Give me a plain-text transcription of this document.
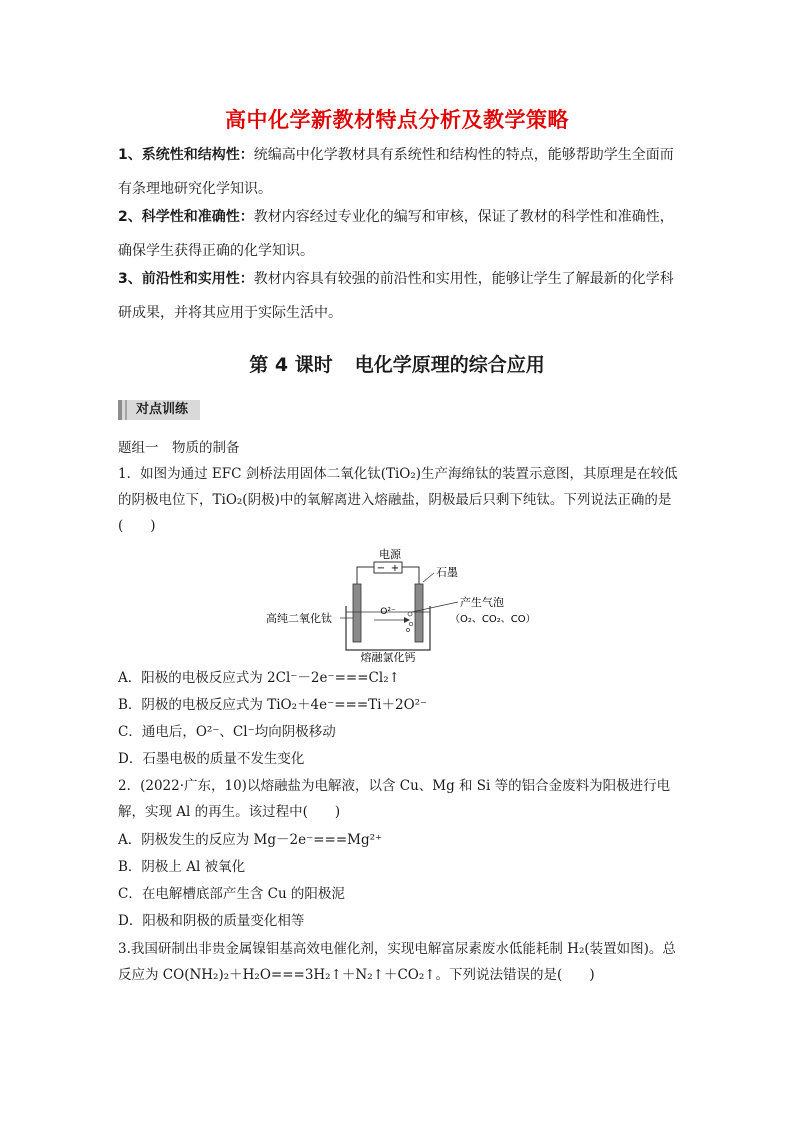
高中化学新教材特点分析及教学策略
1、系统性和结构性：统编高中化学教材具有系统性和结构性的特点，能够帮助学生全面而有条理地研究化学知识。
2、科学性和准确性：教材内容经过专业化的编写和审核，保证了教材的科学性和准确性，确保学生获得正确的化学知识。
3、前沿性和实用性：教材内容具有较强的前沿性和实用性，能够让学生了解最新的化学科研成果，并将其应用于实际生活中。
第 4 课时 电化学原理的综合应用
对点训练
题组一　物质的制备
1．如图为通过 EFC 剑桥法用固体二氧化钛(TiO₂)生产海绵钛的装置示意图，其原理是在较低的阴极电位下，TiO₂(阴极)中的氧解离进入熔融盐，阴极最后只剩下纯钛。下列说法正确的是(　　)
电源
− +
O²⁻
石墨
产生气泡
（O₂、CO₂、CO）
高纯二氧化钛
熔融氯化钙
A．阳极的电极反应式为 2Cl⁻－2e⁻===Cl₂↑
B．阴极的电极反应式为 TiO₂＋4e⁻===Ti＋2O²⁻
C．通电后，O²⁻、Cl⁻均向阴极移动
D．石墨电极的质量不发生变化
2．(2022·广东，10)以熔融盐为电解液，以含 Cu、Mg 和 Si 等的铝合金废料为阳极进行电解，实现 Al 的再生。该过程中(　　)
A．阴极发生的反应为 Mg－2e⁻===Mg²⁺
B．阴极上 Al 被氧化
C．在电解槽底部产生含 Cu 的阳极泥
D．阳极和阴极的质量变化相等
3.我国研制出非贵金属镍钼基高效电催化剂，实现电解富尿素废水低能耗制 H₂(装置如图)。总反应为 CO(NH₂)₂＋H₂O===3H₂↑＋N₂↑＋CO₂↑。下列说法错误的是(　　)
